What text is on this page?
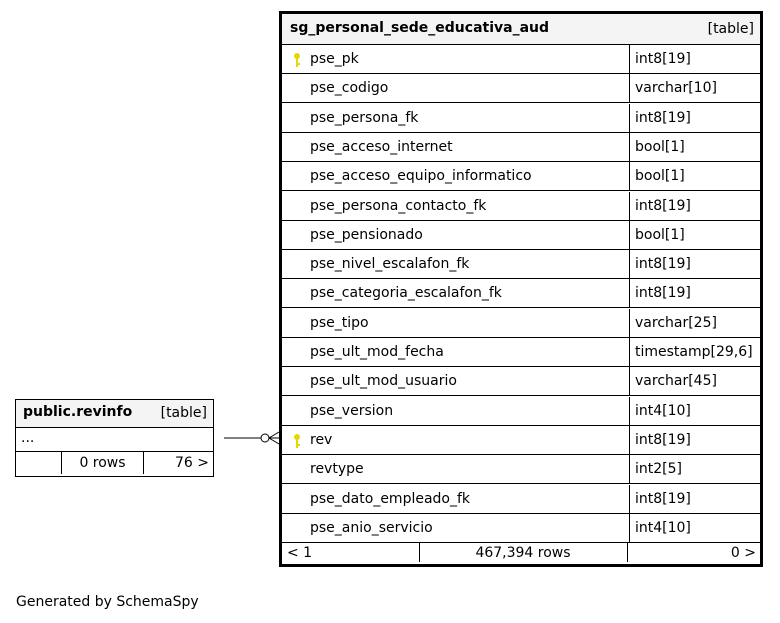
sg_personal_sede_educativa_aud	[table]
pse_pk	int8[19]
pse_codigo	varchar[10]
pse_persona_fk	int8[19]
pse_acceso_internet	bool[1]
pse_acceso_equipo_informatico	bool[1]
pse_persona_contacto_fk	int8[19]
pse_pensionado	bool[1]
pse_nivel_escalafon_fk	int8[19]
pse_categoria_escalafon_fk	int8[19]
pse_tipo	varchar[25]
pse_ult_mod_fecha	timestamp[29,6]
pse_ult_mod_usuario	varchar[45]
pse_version	int4[10]
rev	int8[19]
revtype	int2[5]
pse_dato_empleado_fk	int8[19]
pse_anio_servicio	int4[10]
< 1	467,394 rows	0 >
public.revinfo [table]
...
0 rows	76 >
Generated by SchemaSpy
